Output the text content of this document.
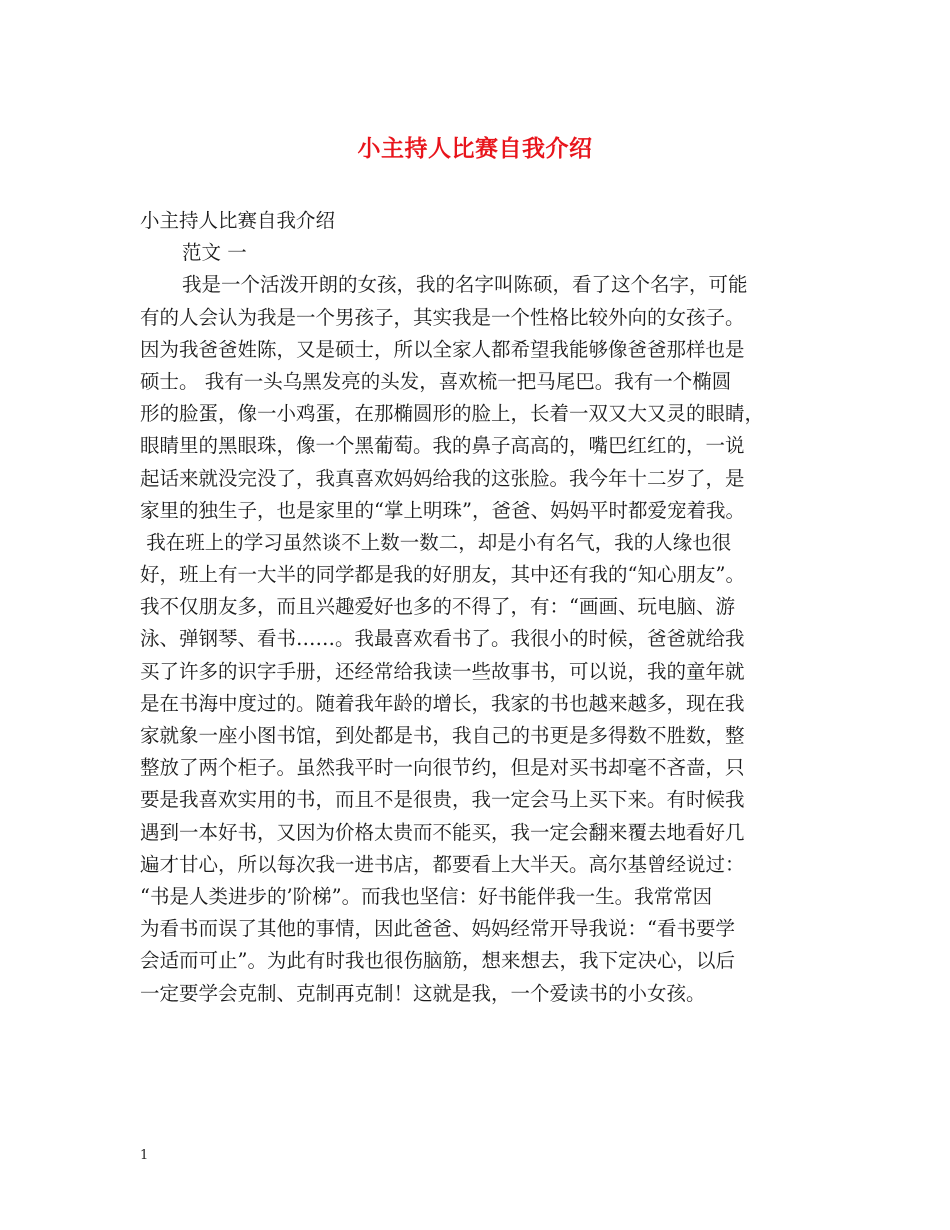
小主持人比赛自我介绍
小主持人比赛自我介绍
范文 一
我是一个活泼开朗的女孩，我的名字叫陈硕，看了这个名字，可能
有的人会认为我是一个男孩子，其实我是一个性格比较外向的女孩子。
因为我爸爸姓陈，又是硕士，所以全家人都希望我能够像爸爸那样也是
硕士。 我有一头乌黑发亮的头发，喜欢梳一把马尾巴。我有一个椭圆
形的脸蛋，像一小鸡蛋，在那椭圆形的脸上，长着一双又大又灵的眼睛，
眼睛里的黑眼珠，像一个黑葡萄。我的鼻子高高的，嘴巴红红的，一说
起话来就没完没了，我真喜欢妈妈给我的这张脸。我今年十二岁了，是
家里的独生子，也是家里的“掌上明珠”，爸爸、妈妈平时都爱宠着我。
我在班上的学习虽然谈不上数一数二，却是小有名气，我的人缘也很
好，班上有一大半的同学都是我的好朋友，其中还有我的“知心朋友”。
我不仅朋友多，而且兴趣爱好也多的不得了，有：“画画、玩电脑、游
泳、弹钢琴、看书……。我最喜欢看书了。我很小的时候，爸爸就给我
买了许多的识字手册，还经常给我读一些故事书，可以说，我的童年就
是在书海中度过的。随着我年龄的增长，我家的书也越来越多，现在我
家就象一座小图书馆，到处都是书，我自己的书更是多得数不胜数，整
整放了两个柜子。虽然我平时一向很节约，但是对买书却毫不吝啬，只
要是我喜欢实用的书，而且不是很贵，我一定会马上买下来。有时候我
遇到一本好书，又因为价格太贵而不能买，我一定会翻来覆去地看好几
遍才甘心，所以每次我一进书店，都要看上大半天。高尔基曾经说过：
“书是人类进步的’阶梯”。而我也坚信：好书能伴我一生。我常常因
为看书而误了其他的事情，因此爸爸、妈妈经常开导我说：“看书要学
会适而可止”。为此有时我也很伤脑筋，想来想去，我下定决心，以后
一定要学会克制、克制再克制！这就是我，一个爱读书的小女孩。
1
